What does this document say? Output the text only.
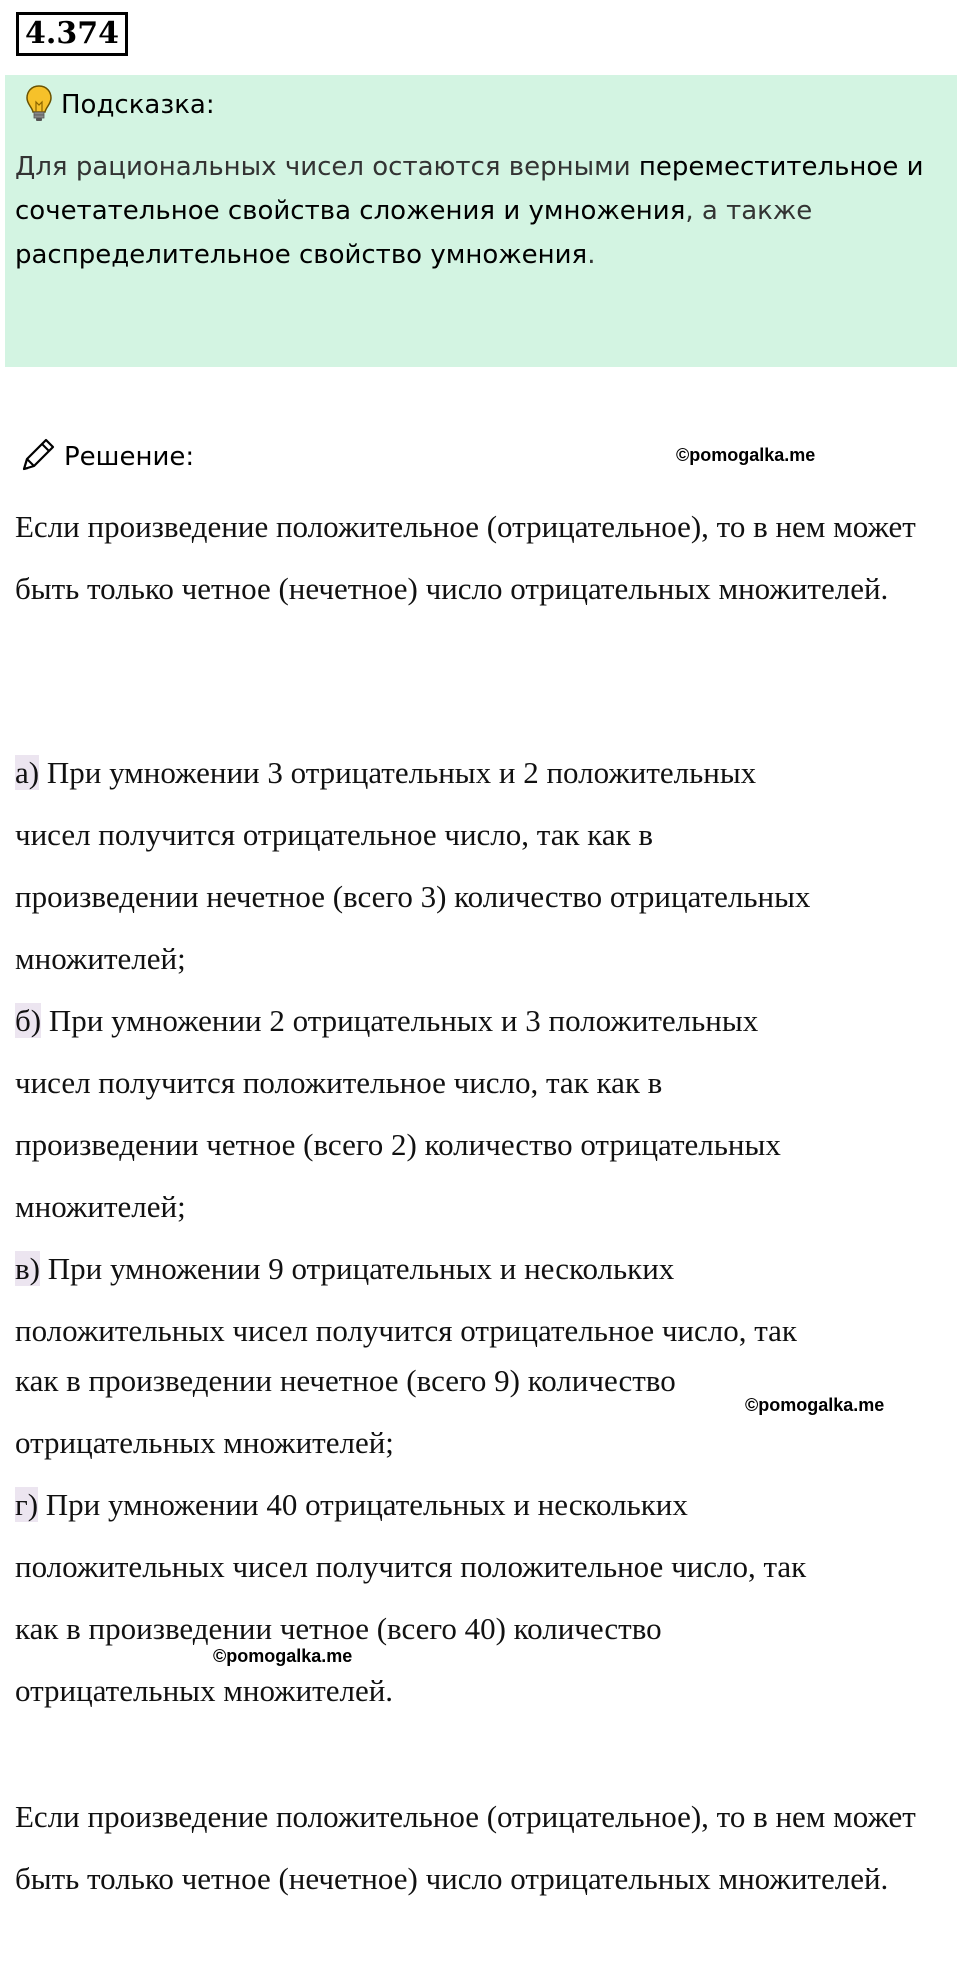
4.374
Подсказка:
Для рациональных чисел остаются верными переместительное и сочетательное свойства сложения и умножения, а также распределительное свойство умножения.
Решение:	©pomogalka.me
Если произведение положительное (отрицательное), то в нем может быть только четное (нечетное) число отрицательных множителей.
а) При умножении 3 отрицательных и 2 положительных
чисел получится отрицательное число, так как в
произведении нечетное (всего 3) количество отрицательных
множителей;
б) При умножении 2 отрицательных и 3 положительных
чисел получится положительное число, так как в
произведении четное (всего 2) количество отрицательных
множителей;
в) При умножении 9 отрицательных и нескольких
положительных чисел получится отрицательное число, так
как в произведении нечетное (всего 9) количество
отрицательных множителей;
©pomogalka.me
г) При умножении 40 отрицательных и нескольких
положительных чисел получится положительное число, так
как в произведении четное (всего 40) количество
отрицательных множителей.
©pomogalka.me
Если произведение положительное (отрицательное), то в нем может быть только четное (нечетное) число отрицательных множителей.
